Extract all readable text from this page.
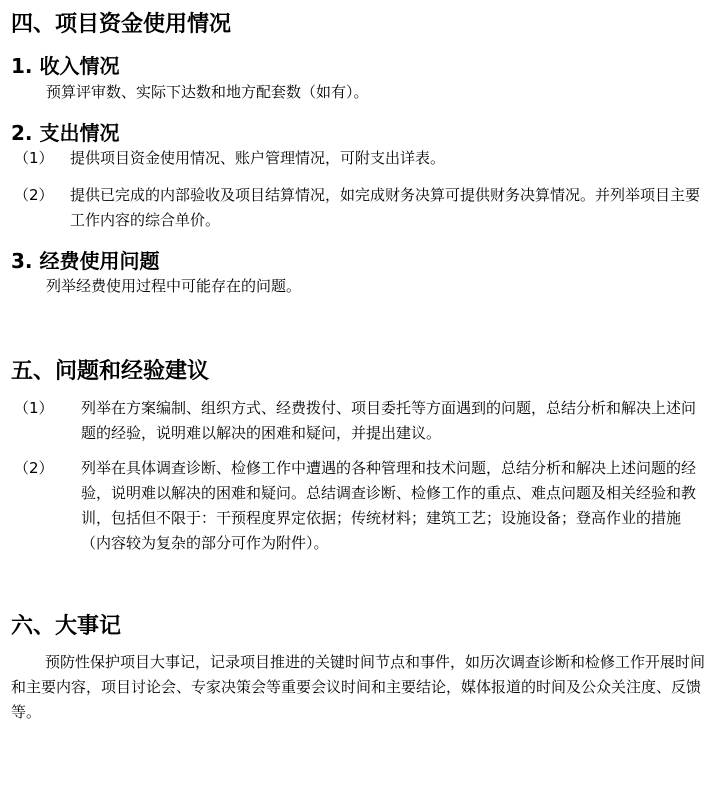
四、项目资金使用情况
1. 收入情况

预算评审数、实际下达数和地方配套数（如有）。

2. 支出情况
（1） 提供项目资金使用情况、账户管理情况，可附支出详表。

（2） 提供已完成的内部验收及项目结算情况，如完成财务决算可提供财务决算情况。并列举项目主要工作内容的综合单价。

3. 经费使用问题

列举经费使用过程中可能存在的问题。

五、问题和经验建议
（1） 列举在方案编制、组织方式、经费拨付、项目委托等方面遇到的问题，总结分析和解决上述问题的经验，说明难以解决的困难和疑问，并提出建议。

（2） 列举在具体调查诊断、检修工作中遭遇的各种管理和技术问题，总结分析和解决上述问题的经验，说明难以解决的困难和疑问。总结调查诊断、检修工作的重点、难点问题及相关经验和教训，包括但不限于：干预程度界定依据；传统材料；建筑工艺；设施设备；登高作业的措施（内容较为复杂的部分可作为附件）。

六、大事记

预防性保护项目大事记，记录项目推进的关键时间节点和事件，如历次调查诊断和检修工作开展时间和主要内容，项目讨论会、专家决策会等重要会议时间和主要结论，媒体报道的时间及公众关注度、反馈等。
